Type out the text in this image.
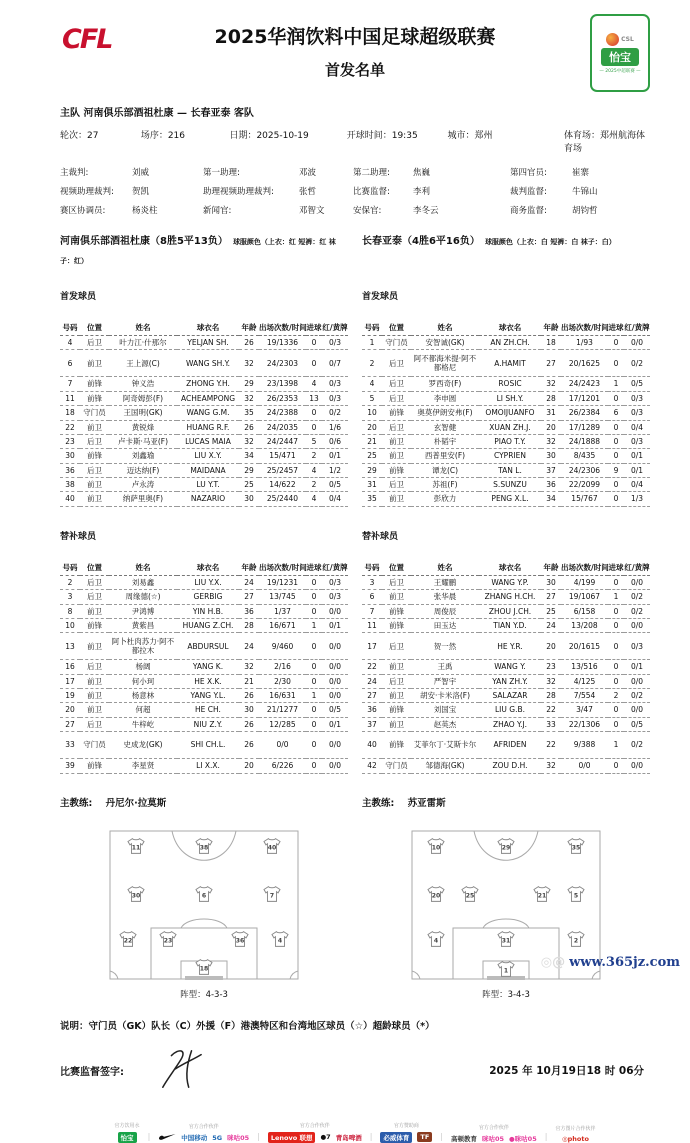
CFL	2025华润饮料中国足球超级联赛
首发名单
CSL
怡宝
— 2025中超联赛 —
主队 河南俱乐部酒祖杜康 — 长春亚泰 客队
轮次：27	场序：216	日期：2025-10-19	开球时间：19:35	城市：郑州	体育场：郑州航海体育场
主裁判:	刘威	第一助理:	邓波	第二助理:	焦巍	第四官员:	崔寨
视频助理裁判:	贺凯	助理视频助理裁判:	张哲	比赛监督:	李利	裁判监督:	牛锦山
赛区协调员:	杨炎柱	新闻官:	邓智文	安保官:	李冬云	商务监督:	胡钧哲
河南俱乐部酒祖杜康（8胜5平13负） 球服颜色（上衣：红 短裤：红 袜子：红）
长春亚泰（4胜6平16负） 球服颜色（上衣：白 短裤：白 袜子：白）
首发球员	首发球员
号码	位置	姓名	球衣名	年龄	出场次数/时间	进球	红/黄牌
4	后卫	叶力江·什那尔	YELJAN SH.	26	19/1336	0	0/3
6	前卫	王上源(C)	WANG SH.Y.	32	24/2303	0	0/7
7	前锋	钟义浩	ZHONG Y.H.	29	23/1398	4	0/3
11	前锋	阿奇姆彭(F)	ACHEAMPONG	32	26/2353	13	0/3
18	守门员	王国明(GK)	WANG G.M.	35	24/2388	0	0/2
22	前卫	黄锐烽	HUANG R.F.	26	24/2035	0	1/6
23	后卫	卢卡斯·马亚(F)	LUCAS MAIA	32	24/2447	5	0/6
30	前锋	刘鑫瑜	LIU X.Y.	34	15/471	2	0/1
36	后卫	迈达纳(F)	MAIDANA	29	25/2457	4	1/2
38	前卫	卢永涛	LU Y.T.	25	14/622	2	0/5
40	前卫	纳萨里奥(F)	NAZARIO	30	25/2440	4	0/4
号码	位置	姓名	球衣名	年龄	出场次数/时间	进球	红/黄牌
1	守门员	安智诚(GK)	AN ZH.CH.	18	1/93	0	0/0
2	后卫	阿不都海米提·阿不都格尼	A.HAMIT	27	20/1625	0	0/2
4	后卫	罗西奇(F)	ROSIC	32	24/2423	1	0/5
5	后卫	李申圆	LI SH.Y.	28	17/1201	0	0/3
10	前锋	奥莫伊朗安弗(F)	OMOIJUANFO	31	26/2384	6	0/3
20	后卫	玄智健	XUAN ZH.J.	20	17/1289	0	0/4
21	前卫	朴韬宇	PIAO T.Y.	32	24/1888	0	0/3
25	前卫	西普里安(F)	CYPRIEN	30	8/435	0	0/1
29	前锋	谭龙(C)	TAN L.	37	24/2306	9	0/1
31	后卫	苏祖(F)	S.SUNZU	36	22/2099	0	0/4
35	前卫	彭欣力	PENG X.L.	34	15/767	0	1/3
替补球员	替补球员
号码	位置	姓名	球衣名	年龄	出场次数/时间	进球	红/黄牌
2	后卫	刘易鑫	LIU Y.X.	24	19/1231	0	0/3
3	后卫	周缘德(☆)	GERBIG	27	13/745	0	0/3
8	前卫	尹鸿博	YIN H.B.	36	1/37	0	0/0
10	前锋	黄紫昌	HUANG Z.CH.	28	16/671	1	0/1
13	前卫	阿卜杜肉苏力·阿不都拉木	ABDURSUL	24	9/460	0	0/0
16	后卫	杨阔	YANG K.	32	2/16	0	0/0
17	前卫	何小珂	HE X.K.	21	2/30	0	0/0
19	前卫	杨意林	YANG Y.L.	26	16/631	1	0/0
20	前卫	何超	HE CH.	30	21/1277	0	0/5
27	后卫	牛梓屹	NIU Z.Y.	26	12/285	0	0/1
33	守门员	史成龙(GK)	SHI CH.L.	26	0/0	0	0/0
39	前锋	李星贤	LI X.X.	20	6/226	0	0/0
号码	位置	姓名	球衣名	年龄	出场次数/时间	进球	红/黄牌
3	后卫	王耀鹏	WANG Y.P.	30	4/199	0	0/0
6	前卫	张华晨	ZHANG H.CH.	27	19/1067	1	0/2
7	前锋	周俊辰	ZHOU J.CH.	25	6/158	0	0/2
11	前锋	田玉达	TIAN Y.D.	24	13/208	0	0/0
17	后卫	贺一然	HE Y.R.	20	20/1615	0	0/3
22	前卫	王禹	WANG Y.	23	13/516	0	0/1
24	后卫	严智宇	YAN ZH.Y.	32	4/125	0	0/0
27	前卫	胡安·卡米洛(F)	SALAZAR	28	7/554	2	0/2
36	前锋	刘国宝	LIU G.B.	22	3/47	0	0/0
37	前卫	赵英杰	ZHAO Y.J.	33	22/1306	0	0/5
40	前锋	艾菲尔丁·艾斯卡尔	AFRIDEN	22	9/388	1	0/2
42	守门员	邹德海(GK)	ZOU D.H.	32	0/0	0	0/0
主教练: 丹尼尔·拉莫斯	主教练: 苏亚雷斯
11	38	40
30	6	7
22	23	36	4
18
阵型：4-3-3
10	29	35
20	25	21	5
4	31	2
1
阵型：3-4-3
说明：守门员（GK）队长（C）外援（F）港澳特区和台湾地区球员（☆）超龄球员（*）
比赛监督签字:	2025 年 10月19日18 时 06分
官方饮用水
怡宝	|
官方合作伙伴
中国移动 5G 咪咕05 |
官方合作伙伴
Lenovo 联想	●7 青岛啤酒 |
官方赞助商
必威体育	TF	|
官方合作伙伴
高顿教育 咪咕05 ●咪咕05 |
官方图片合作伙伴
◎photo
◎@ www.365jz.com
